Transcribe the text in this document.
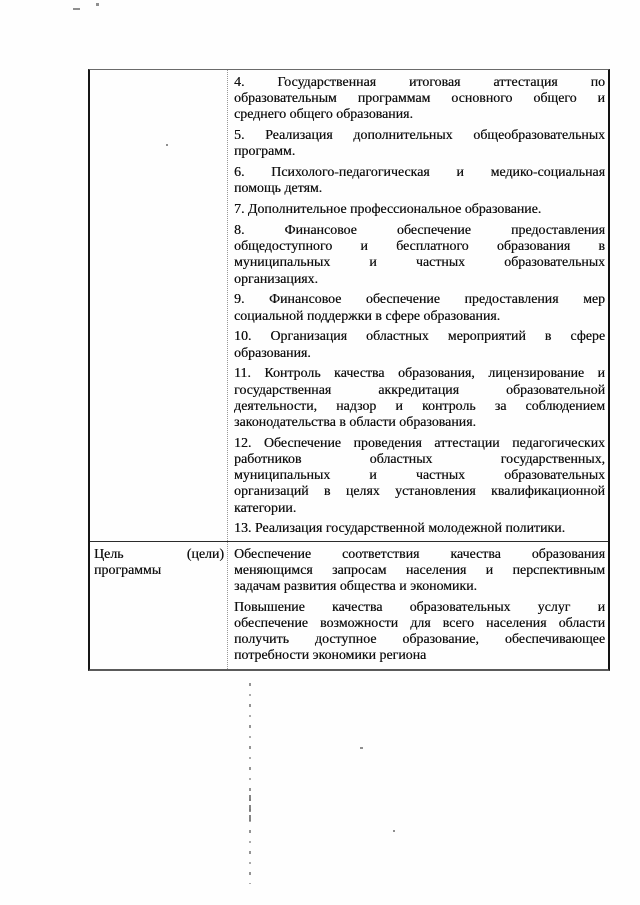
4. Государственная итоговая аттестация по
образовательным программам основного общего и
среднего общего образования.
5. Реализация дополнительных общеобразовательных
программ.
6. Психолого-педагогическая и медико-социальная
помощь детям.
7. Дополнительное профессиональное образование.
8. Финансовое обеспечение предоставления
общедоступного и бесплатного образования в
муниципальных и частных образовательных
организациях.
9. Финансовое обеспечение предоставления мер
социальной поддержки в сфере образования.
10. Организация областных мероприятий в сфере
образования.
11. Контроль качества образования, лицензирование и
государственная аккредитация образовательной
деятельности, надзор и контроль за соблюдением
законодательства в области образования.
12. Обеспечение проведения аттестации педагогических
работников областных государственных,
муниципальных и частных образовательных
организаций в целях установления квалификационной
категории.
13. Реализация государственной молодежной политики.
Цель (цели)
программы
Обеспечение соответствия качества образования
меняющимся запросам населения и перспективным
задачам развития общества и экономики.
Повышение качества образовательных услуг и
обеспечение возможности для всего населения области
получить доступное образование, обеспечивающее
потребности экономики региона
